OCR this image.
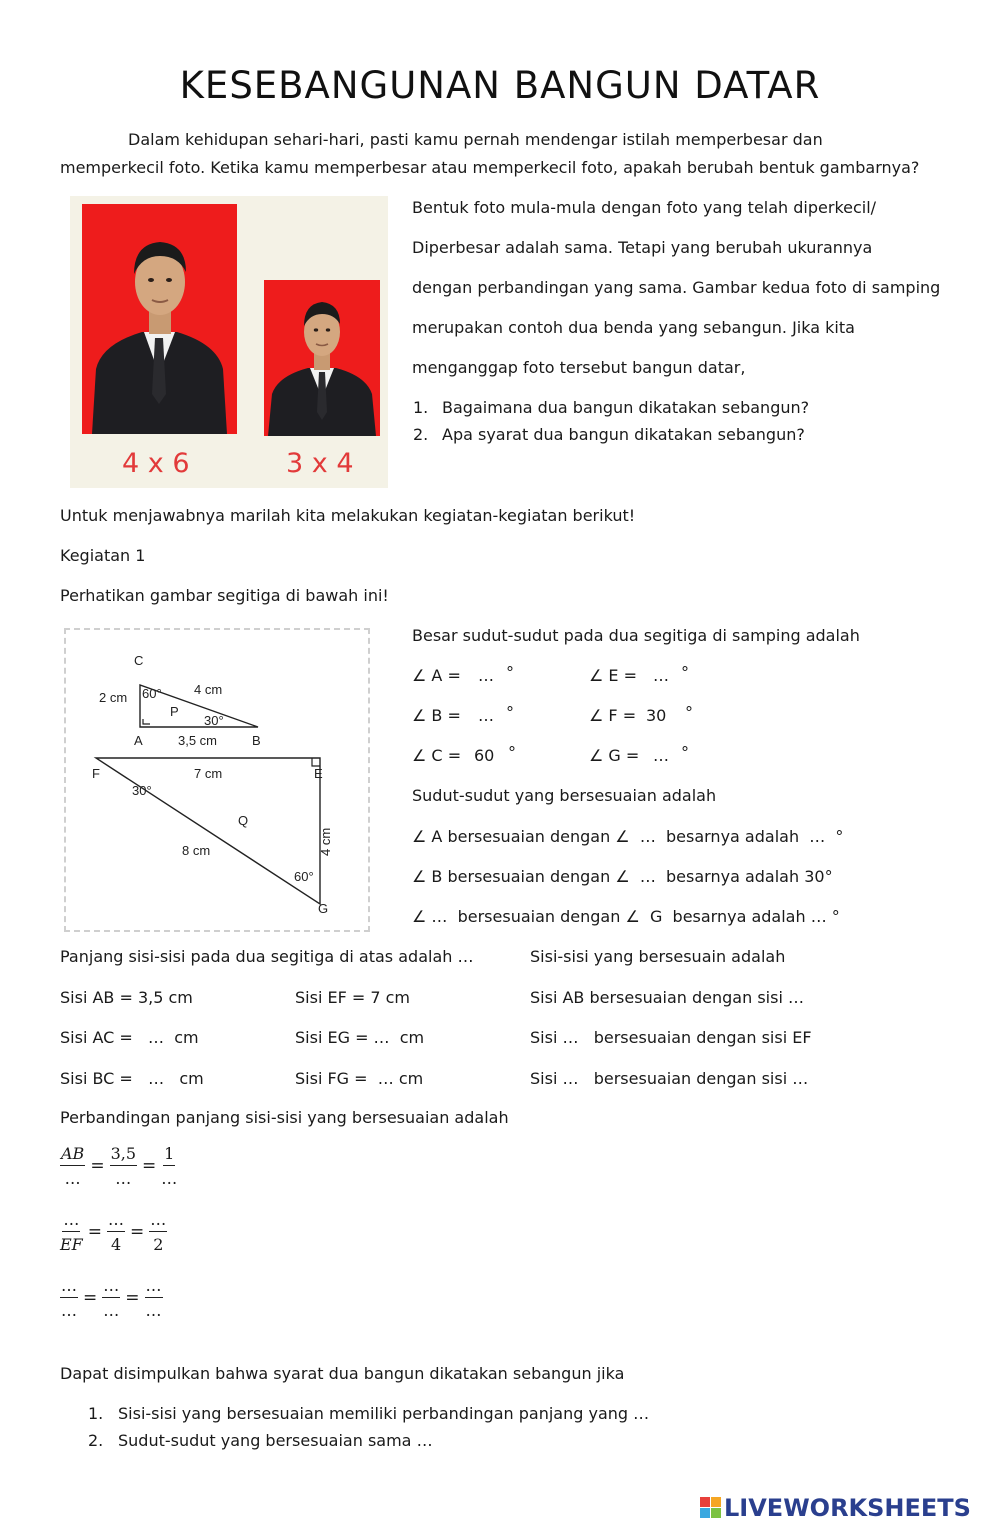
KESEBANGUNAN BANGUN DATAR
Dalam kehidupan sehari-hari, pasti kamu pernah mendengar istilah memperbesar dan
memperkecil foto. Ketika kamu memperbesar atau memperkecil foto, apakah berubah bentuk gambarnya?
4 x 6	3 x 4
Bentuk foto mula-mula dengan foto yang telah diperkecil/
Diperbesar adalah sama. Tetapi yang berubah ukurannya
dengan perbandingan yang sama. Gambar kedua foto di samping
merupakan contoh dua benda yang sebangun. Jika kita
menganggap foto tersebut bangun datar,
1. Bagaimana dua bangun dikatakan sebangun?
2. Apa syarat dua bangun dikatakan sebangun?
Untuk menjawabnya marilah kita melakukan kegiatan-kegiatan berikut!
Kegiatan 1
Perhatikan gambar segitiga di bawah ini!
C
A	B
2 cm
4 cm
3,5 cm
60°
30°
P
F	E
G
7 cm
8 cm	4 cm
30°
60°
Q
Besar sudut-sudut pada dua segitiga di samping adalah
∠ A = … °	∠ E = … °
∠ B = … °	∠ F = 30 °
∠ C = 60 °	∠ G = … °
Sudut-sudut yang bersesuaian adalah
∠ A bersesuaian dengan ∠  …  besarnya adalah  …  °
∠ B bersesuaian dengan ∠  …  besarnya adalah 30°
∠ …  bersesuaian dengan ∠  G  besarnya adalah … °
Panjang sisi-sisi pada dua segitiga di atas adalah …	Sisi-sisi yang bersesuain adalah
Sisi AB = 3,5 cm	Sisi EF = 7 cm	Sisi AB bersesuaian dengan sisi …
Sisi AC =   …  cm	Sisi EG = …  cm	Sisi …   bersesuaian dengan sisi EF
Sisi BC =   …   cm	Sisi FG =  … cm	Sisi …   bersesuaian dengan sisi …
Perbandingan panjang sisi-sisi yang bersesuaian adalah
$\frac{AB}{\dots} = \frac{3,5}{\dots} = \frac{1}{\dots}$
$\frac{\dots}{EF} = \frac{\dots}{4} = \frac{\dots}{2}$
$\frac{\dots}{\dots} = \frac{\dots}{\dots} = \frac{\dots}{\dots}$
Dapat disimpulkan bahwa syarat dua bangun dikatakan sebangun jika
1. Sisi-sisi yang bersesuaian memiliki perbandingan panjang yang …
2. Sudut-sudut yang bersesuaian sama …
LIVEWORKSHEETS
